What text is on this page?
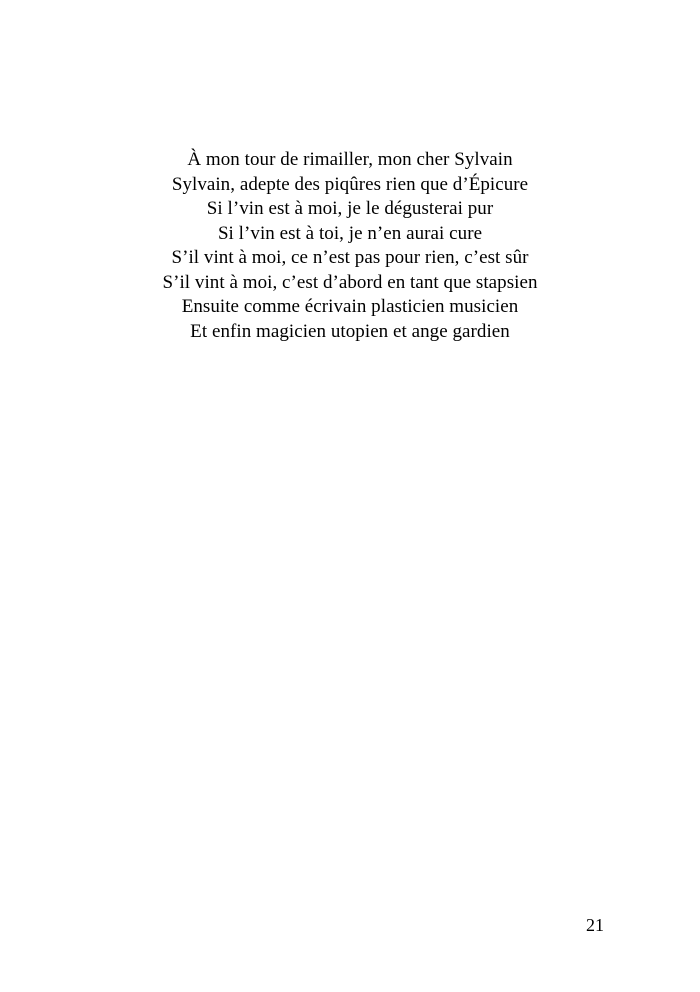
À mon tour de rimailler, mon cher Sylvain
Sylvain, adepte des piqûres rien que d’Épicure
Si l’vin est à moi, je le dégusterai pur
Si l’vin est à toi, je n’en aurai cure
S’il vint à moi, ce n’est pas pour rien, c’est sûr
S’il vint à moi, c’est d’abord en tant que stapsien
Ensuite comme écrivain plasticien musicien
Et enfin magicien utopien et ange gardien
21
